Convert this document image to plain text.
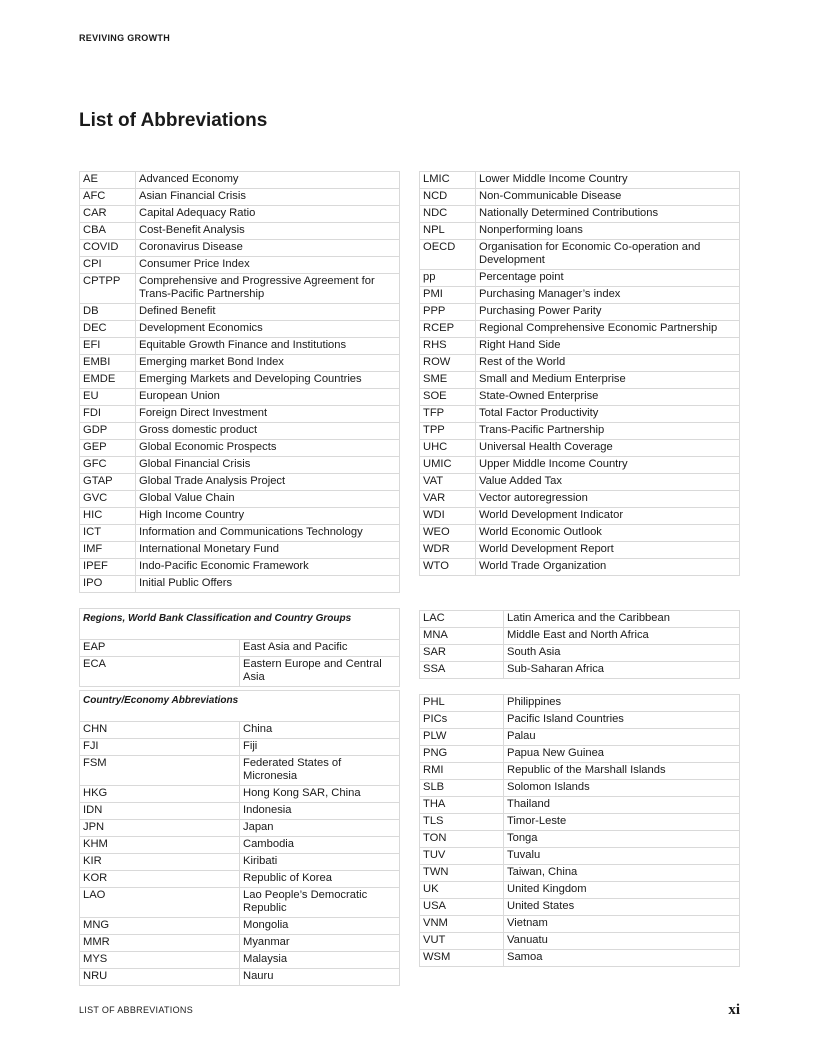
REVIVING GROWTH
List of Abbreviations
AE	Advanced Economy
AFC	Asian Financial Crisis
CAR	Capital Adequacy Ratio
CBA	Cost-Benefit Analysis
COVID	Coronavirus Disease
CPI	Consumer Price Index
CPTPP	Comprehensive and Progressive Agreement for Trans-Pacific Partnership
DB	Defined Benefit
DEC	Development Economics
EFI	Equitable Growth Finance and Institutions
EMBI	Emerging market Bond Index
EMDE	Emerging Markets and Developing Countries
EU	European Union
FDI	Foreign Direct Investment
GDP	Gross domestic product
GEP	Global Economic Prospects
GFC	Global Financial Crisis
GTAP	Global Trade Analysis Project
GVC	Global Value Chain
HIC	High Income Country
ICT	Information and Communications Technology
IMF	International Monetary Fund
IPEF	Indo-Pacific Economic Framework
IPO	Initial Public Offers
LMIC	Lower Middle Income Country
NCD	Non-Communicable Disease
NDC	Nationally Determined Contributions
NPL	Nonperforming loans
OECD	Organisation for Economic Co-operation and Development
pp	Percentage point
PMI	Purchasing Manager’s index
PPP	Purchasing Power Parity
RCEP	Regional Comprehensive Economic Partnership
RHS	Right Hand Side
ROW	Rest of the World
SME	Small and Medium Enterprise
SOE	State-Owned Enterprise
TFP	Total Factor Productivity
TPP	Trans-Pacific Partnership
UHC	Universal Health Coverage
UMIC	Upper Middle Income Country
VAT	Value Added Tax
VAR	Vector autoregression
WDI	World Development Indicator
WEO	World Economic Outlook
WDR	World Development Report
WTO	World Trade Organization
Regions, World Bank Classification and Country Groups	
EAP	East Asia and Pacific
ECA	Eastern Europe and Central Asia
LAC	Latin America and the Caribbean
MNA	Middle East and North Africa
SAR	South Asia
SSA	Sub-Saharan Africa
Country/Economy Abbreviations	
CHN	China
FJI	Fiji
FSM	Federated States of Micronesia
HKG	Hong Kong SAR, China
IDN	Indonesia
JPN	Japan
KHM	Cambodia
KIR	Kiribati
KOR	Republic of Korea
LAO	Lao People’s Democratic Republic
MNG	Mongolia
MMR	Myanmar
MYS	Malaysia
NRU	Nauru
PHL	Philippines
PICs	Pacific Island Countries
PLW	Palau
PNG	Papua New Guinea
RMI	Republic of the Marshall Islands
SLB	Solomon Islands
THA	Thailand
TLS	Timor-Leste
TON	Tonga
TUV	Tuvalu
TWN	Taiwan, China
UK	United Kingdom
USA	United States
VNM	Vietnam
VUT	Vanuatu
WSM	Samoa
LIST OF ABBREVIATIONS	xi
